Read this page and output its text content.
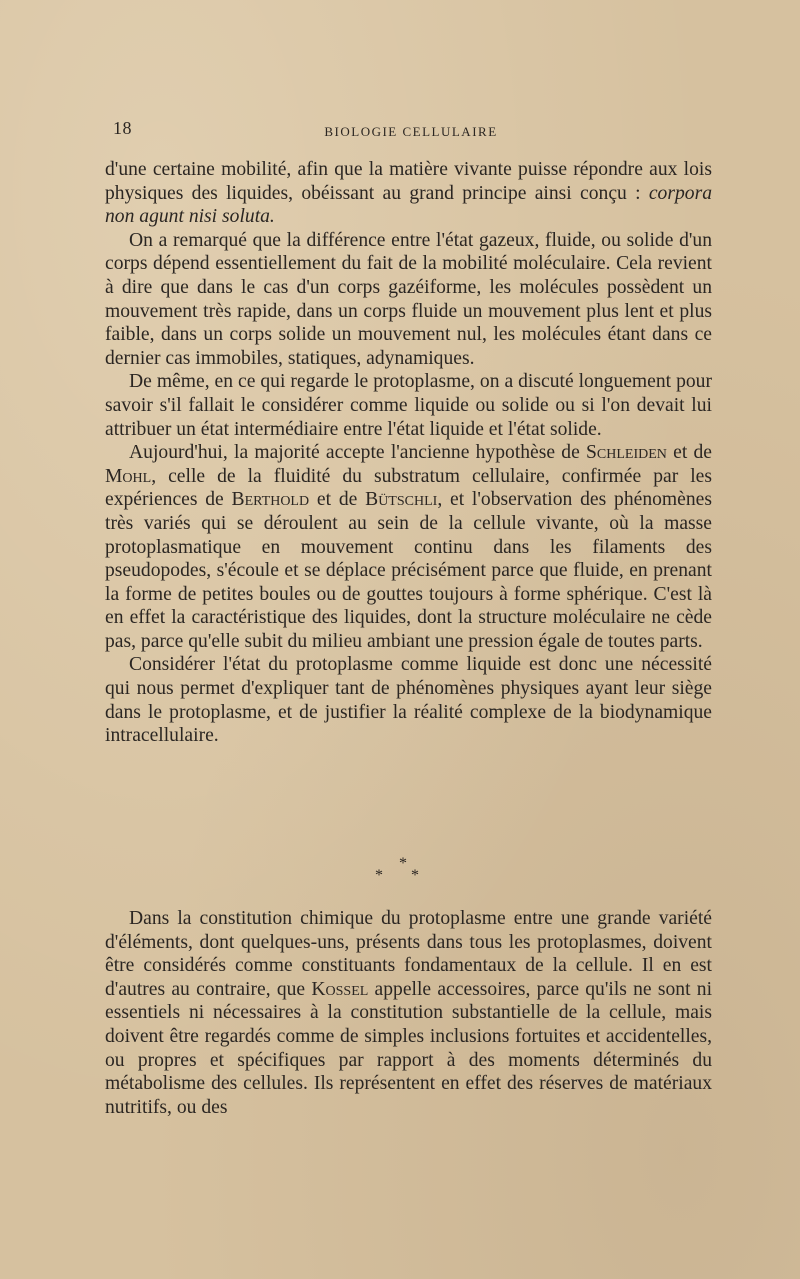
18	BIOLOGIE CELLULAIRE

d'une certaine mobilité, afin que la matière vivante puisse répondre aux lois physiques des liquides, obéissant au grand principe ainsi conçu : corpora non agunt nisi soluta.

On a remarqué que la différence entre l'état gazeux, fluide, ou solide d'un corps dépend essentiellement du fait de la mobilité moléculaire. Cela revient à dire que dans le cas d'un corps gazéiforme, les molécules possèdent un mouvement très rapide, dans un corps fluide un mouvement plus lent et plus faible, dans un corps solide un mouvement nul, les molécules étant dans ce dernier cas immobiles, statiques, adynamiques.

De même, en ce qui regarde le protoplasme, on a discuté longuement pour savoir s'il fallait le considérer comme liquide ou solide ou si l'on devait lui attribuer un état intermédiaire entre l'état liquide et l'état solide.

Aujourd'hui, la majorité accepte l'ancienne hypothèse de Schleiden et de Mohl, celle de la fluidité du substratum cellulaire, confirmée par les expériences de Berthold et de Bütschli, et l'observation des phénomènes très variés qui se déroulent au sein de la cellule vivante, où la masse protoplasmatique en mouvement continu dans les filaments des pseudopodes, s'écoule et se déplace précisément parce que fluide, en prenant la forme de petites boules ou de gouttes toujours à forme sphérique. C'est là en effet la caractéristique des liquides, dont la structure moléculaire ne cède pas, parce qu'elle subit du milieu ambiant une pression égale de toutes parts.

Considérer l'état du protoplasme comme liquide est donc une nécessité qui nous permet d'expliquer tant de phénomènes physiques ayant leur siège dans le protoplasme, et de justifier la réalité complexe de la biodynamique intracellulaire.

*
* *

Dans la constitution chimique du protoplasme entre une grande variété d'éléments, dont quelques-uns, présents dans tous les protoplasmes, doivent être considérés comme constituants fondamentaux de la cellule. Il en est d'autres au contraire, que Kossel appelle accessoires, parce qu'ils ne sont ni essentiels ni nécessaires à la constitution substantielle de la cellule, mais doivent être regardés comme de simples inclusions fortuites et accidentelles, ou propres et spécifiques par rapport à des moments déterminés du métabolisme des cellules. Ils représentent en effet des réserves de matériaux nutritifs, ou des
